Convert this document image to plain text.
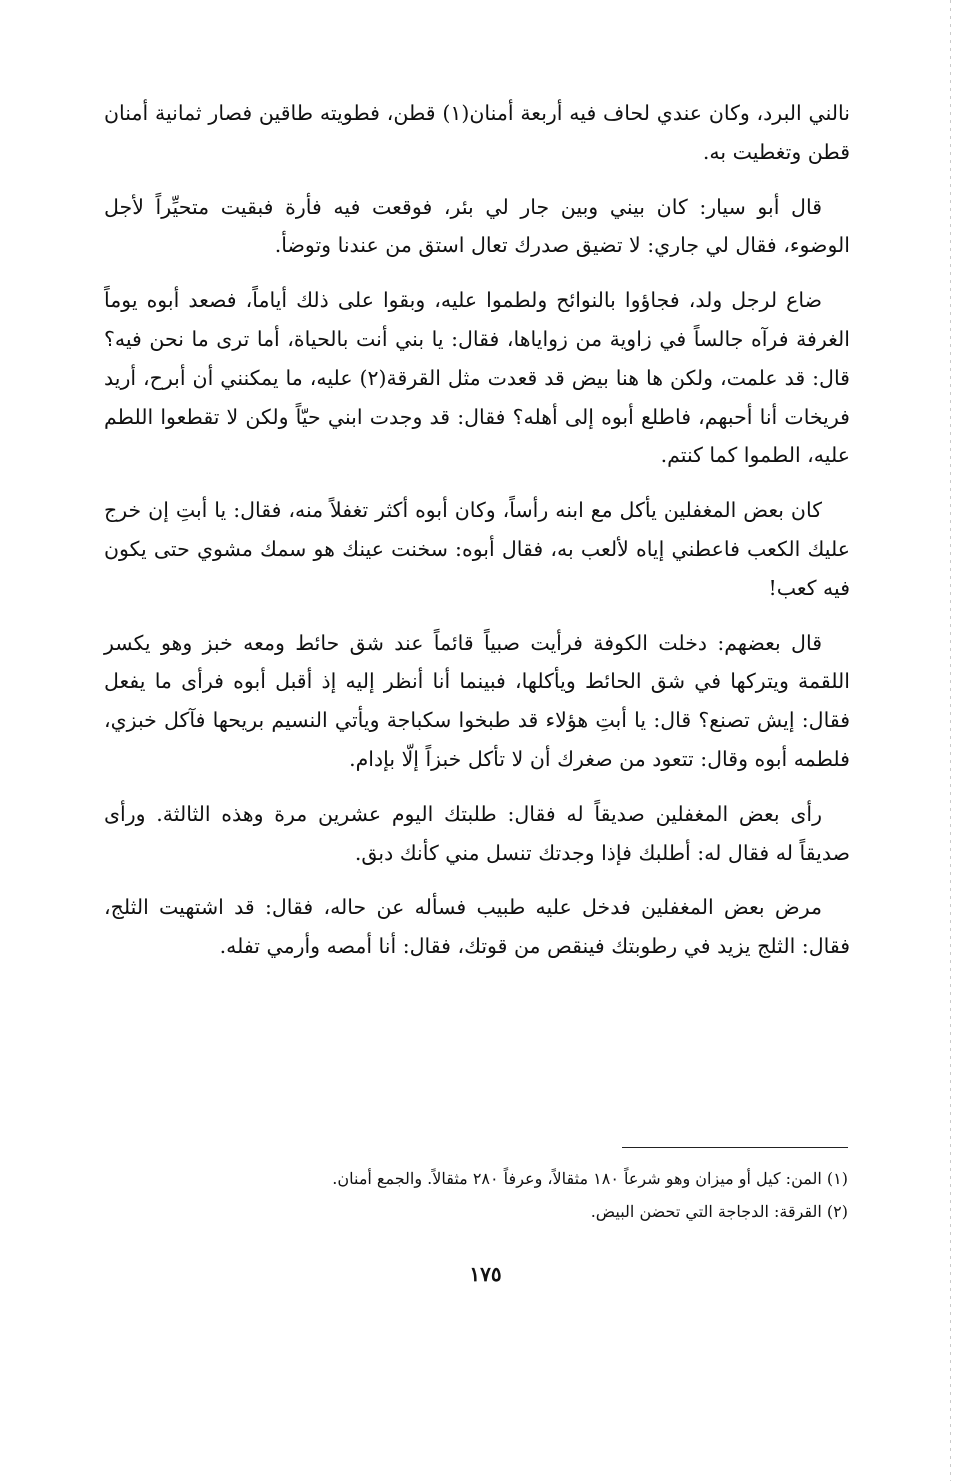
نالني البرد، وكان عندي لحاف فيه أربعة أمنان(١) قطن، فطويته طاقين فصار ثمانية أمنان قطن وتغطيت به.

قال أبو سيار: كان بيني وبين جار لي بئر، فوقعت فيه فأرة فبقيت متحيِّراً لأجل الوضوء، فقال لي جاري: لا تضيق صدرك تعال استق من عندنا وتوضأ.

ضاع لرجل ولد، فجاؤوا بالنوائح ولطموا عليه، وبقوا على ذلك أياماً، فصعد أبوه يوماً الغرفة فرآه جالساً في زاوية من زواياها، فقال: يا بني أنت بالحياة، أما ترى ما نحن فيه؟ قال: قد علمت، ولكن ها هنا بيض قد قعدت مثل القرقة(٢) عليه، ما يمكنني أن أبرح، أريد فريخات أنا أحبهم، فاطلع أبوه إلى أهله؟ فقال: قد وجدت ابني حيّاً ولكن لا تقطعوا اللطم عليه، الطموا كما كنتم.

كان بعض المغفلين يأكل مع ابنه رأساً، وكان أبوه أكثر تغفلاً منه، فقال: يا أبتِ إن خرج عليك الكعب فاعطني إياه لألعب به، فقال أبوه: سخنت عينك هو سمك مشوي حتى يكون فيه كعب!

قال بعضهم: دخلت الكوفة فرأيت صبياً قائماً عند شق حائط ومعه خبز وهو يكسر اللقمة ويتركها في شق الحائط ويأكلها، فبينما أنا أنظر إليه إذ أقبل أبوه فرأى ما يفعل فقال: إيش تصنع؟ قال: يا أبتِ هؤلاء قد طبخوا سكباجة ويأتي النسيم بريحها فآكل خبزي، فلطمه أبوه وقال: تتعود من صغرك أن لا تأكل خبزاً إلّا بإدام.

رأى بعض المغفلين صديقاً له فقال: طلبتك اليوم عشرين مرة وهذه الثالثة. ورأى صديقاً له فقال له: أطلبك فإذا وجدتك تنسل مني كأنك دبق.

مرض بعض المغفلين فدخل عليه طبيب فسأله عن حاله، فقال: قد اشتهيت الثلج، فقال: الثلج يزيد في رطوبتك فينقص من قوتك، فقال: أنا أمصه وأرمي تفله.

(١) المن: كيل أو ميزان وهو شرعاً ١٨٠ مثقالاً، وعرفاً ٢٨٠ مثقالاً. والجمع أمنان.
(٢) القرقة: الدجاجة التي تحضن البيض.
١٧٥
